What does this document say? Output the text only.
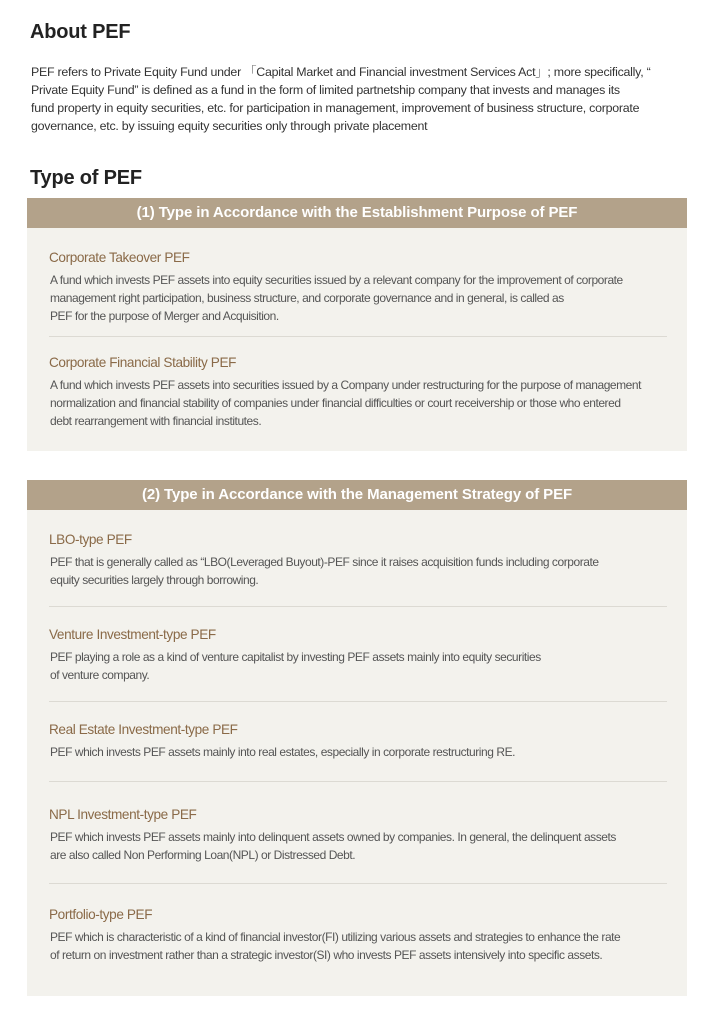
About PEF

PEF refers to Private Equity Fund under 「Capital Market and Financial investment Services Act」; more specifically, “
Private Equity Fund” is defined as a fund in the form of limited partnetship company that invests and manages its
fund property in equity securities, etc. for participation in management, improvement of business structure, corporate
governance, etc. by issuing equity securities only through private placement

Type of PEF
(1) Type in Accordance with the Establishment Purpose of PEF

Corporate Takeover PEF

A fund which invests PEF assets into equity securities issued by a relevant company for the improvement of corporate
management right participation, business structure, and corporate governance and in general, is called as
PEF for the purpose of Merger and Acquisition.

Corporate Financial Stability PEF

A fund which invests PEF assets into securities issued by a Company under restructuring for the purpose of management
normalization and financial stability of companies under financial difficulties or court receivership or those who entered
debt rearrangement with financial institutes.

(2) Type in Accordance with the Management Strategy of PEF

LBO-type PEF

PEF that is generally called as “LBO(Leveraged Buyout)-PEF since it raises acquisition funds including corporate
equity securities largely through borrowing.

Venture Investment-type PEF

PEF playing a role as a kind of venture capitalist by investing PEF assets mainly into equity securities
of venture company.

Real Estate Investment-type PEF

PEF which invests PEF assets mainly into real estates, especially in corporate restructuring RE.

NPL Investment-type PEF

PEF which invests PEF assets mainly into delinquent assets owned by companies. In general, the delinquent assets
are also called Non Performing Loan(NPL) or Distressed Debt.

Portfolio-type PEF

PEF which is characteristic of a kind of financial investor(FI) utilizing various assets and strategies to enhance the rate
of return on investment rather than a strategic investor(SI) who invests PEF assets intensively into specific assets.
